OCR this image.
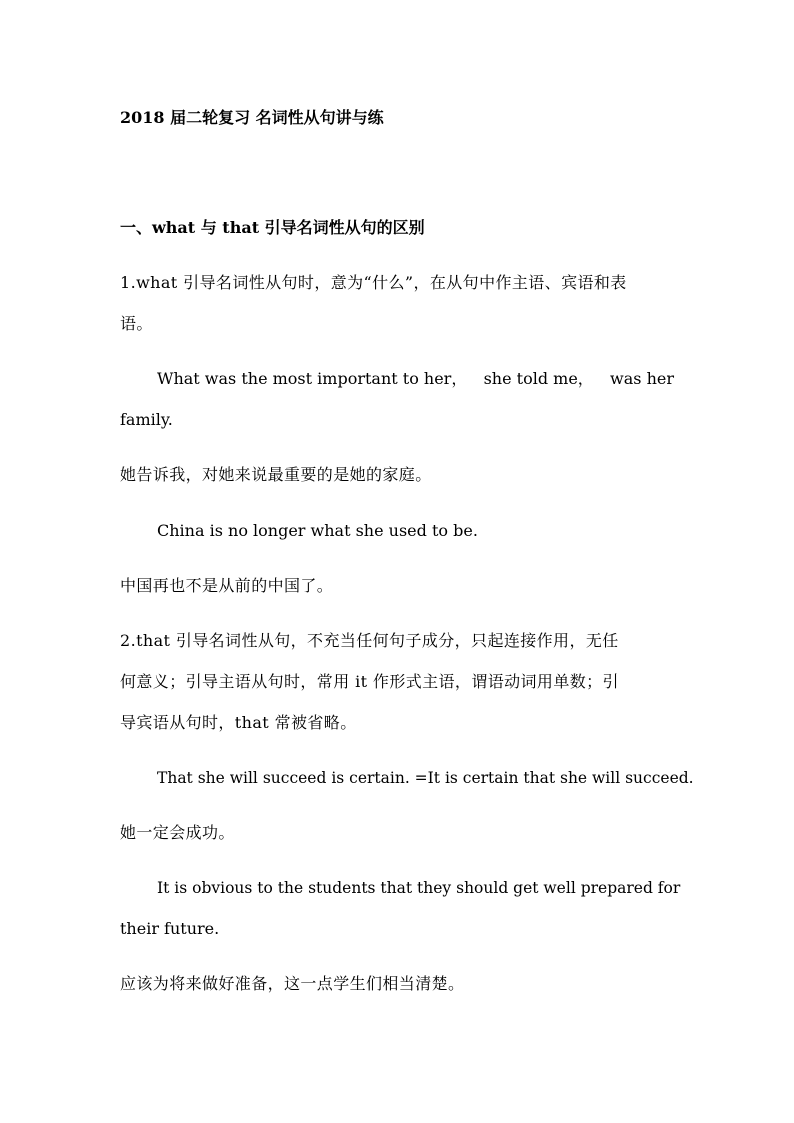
2018 届二轮复习 名词性从句讲与练
一、what 与 that 引导名词性从句的区别
1.what 引导名词性从句时，意为“什么”，在从句中作主语、宾语和表
语。
What was the most important to her， she told me， was her
family.
她告诉我，对她来说最重要的是她的家庭。
China is no longer what she used to be.
中国再也不是从前的中国了。
2.that 引导名词性从句，不充当任何句子成分，只起连接作用，无任
何意义；引导主语从句时，常用 it 作形式主语，谓语动词用单数；引
导宾语从句时，that 常被省略。
That she will succeed is certain. =It is certain that she will succeed.
她一定会成功。
It is obvious to the students that they should get well prepared for
their future.
应该为将来做好准备，这一点学生们相当清楚。
